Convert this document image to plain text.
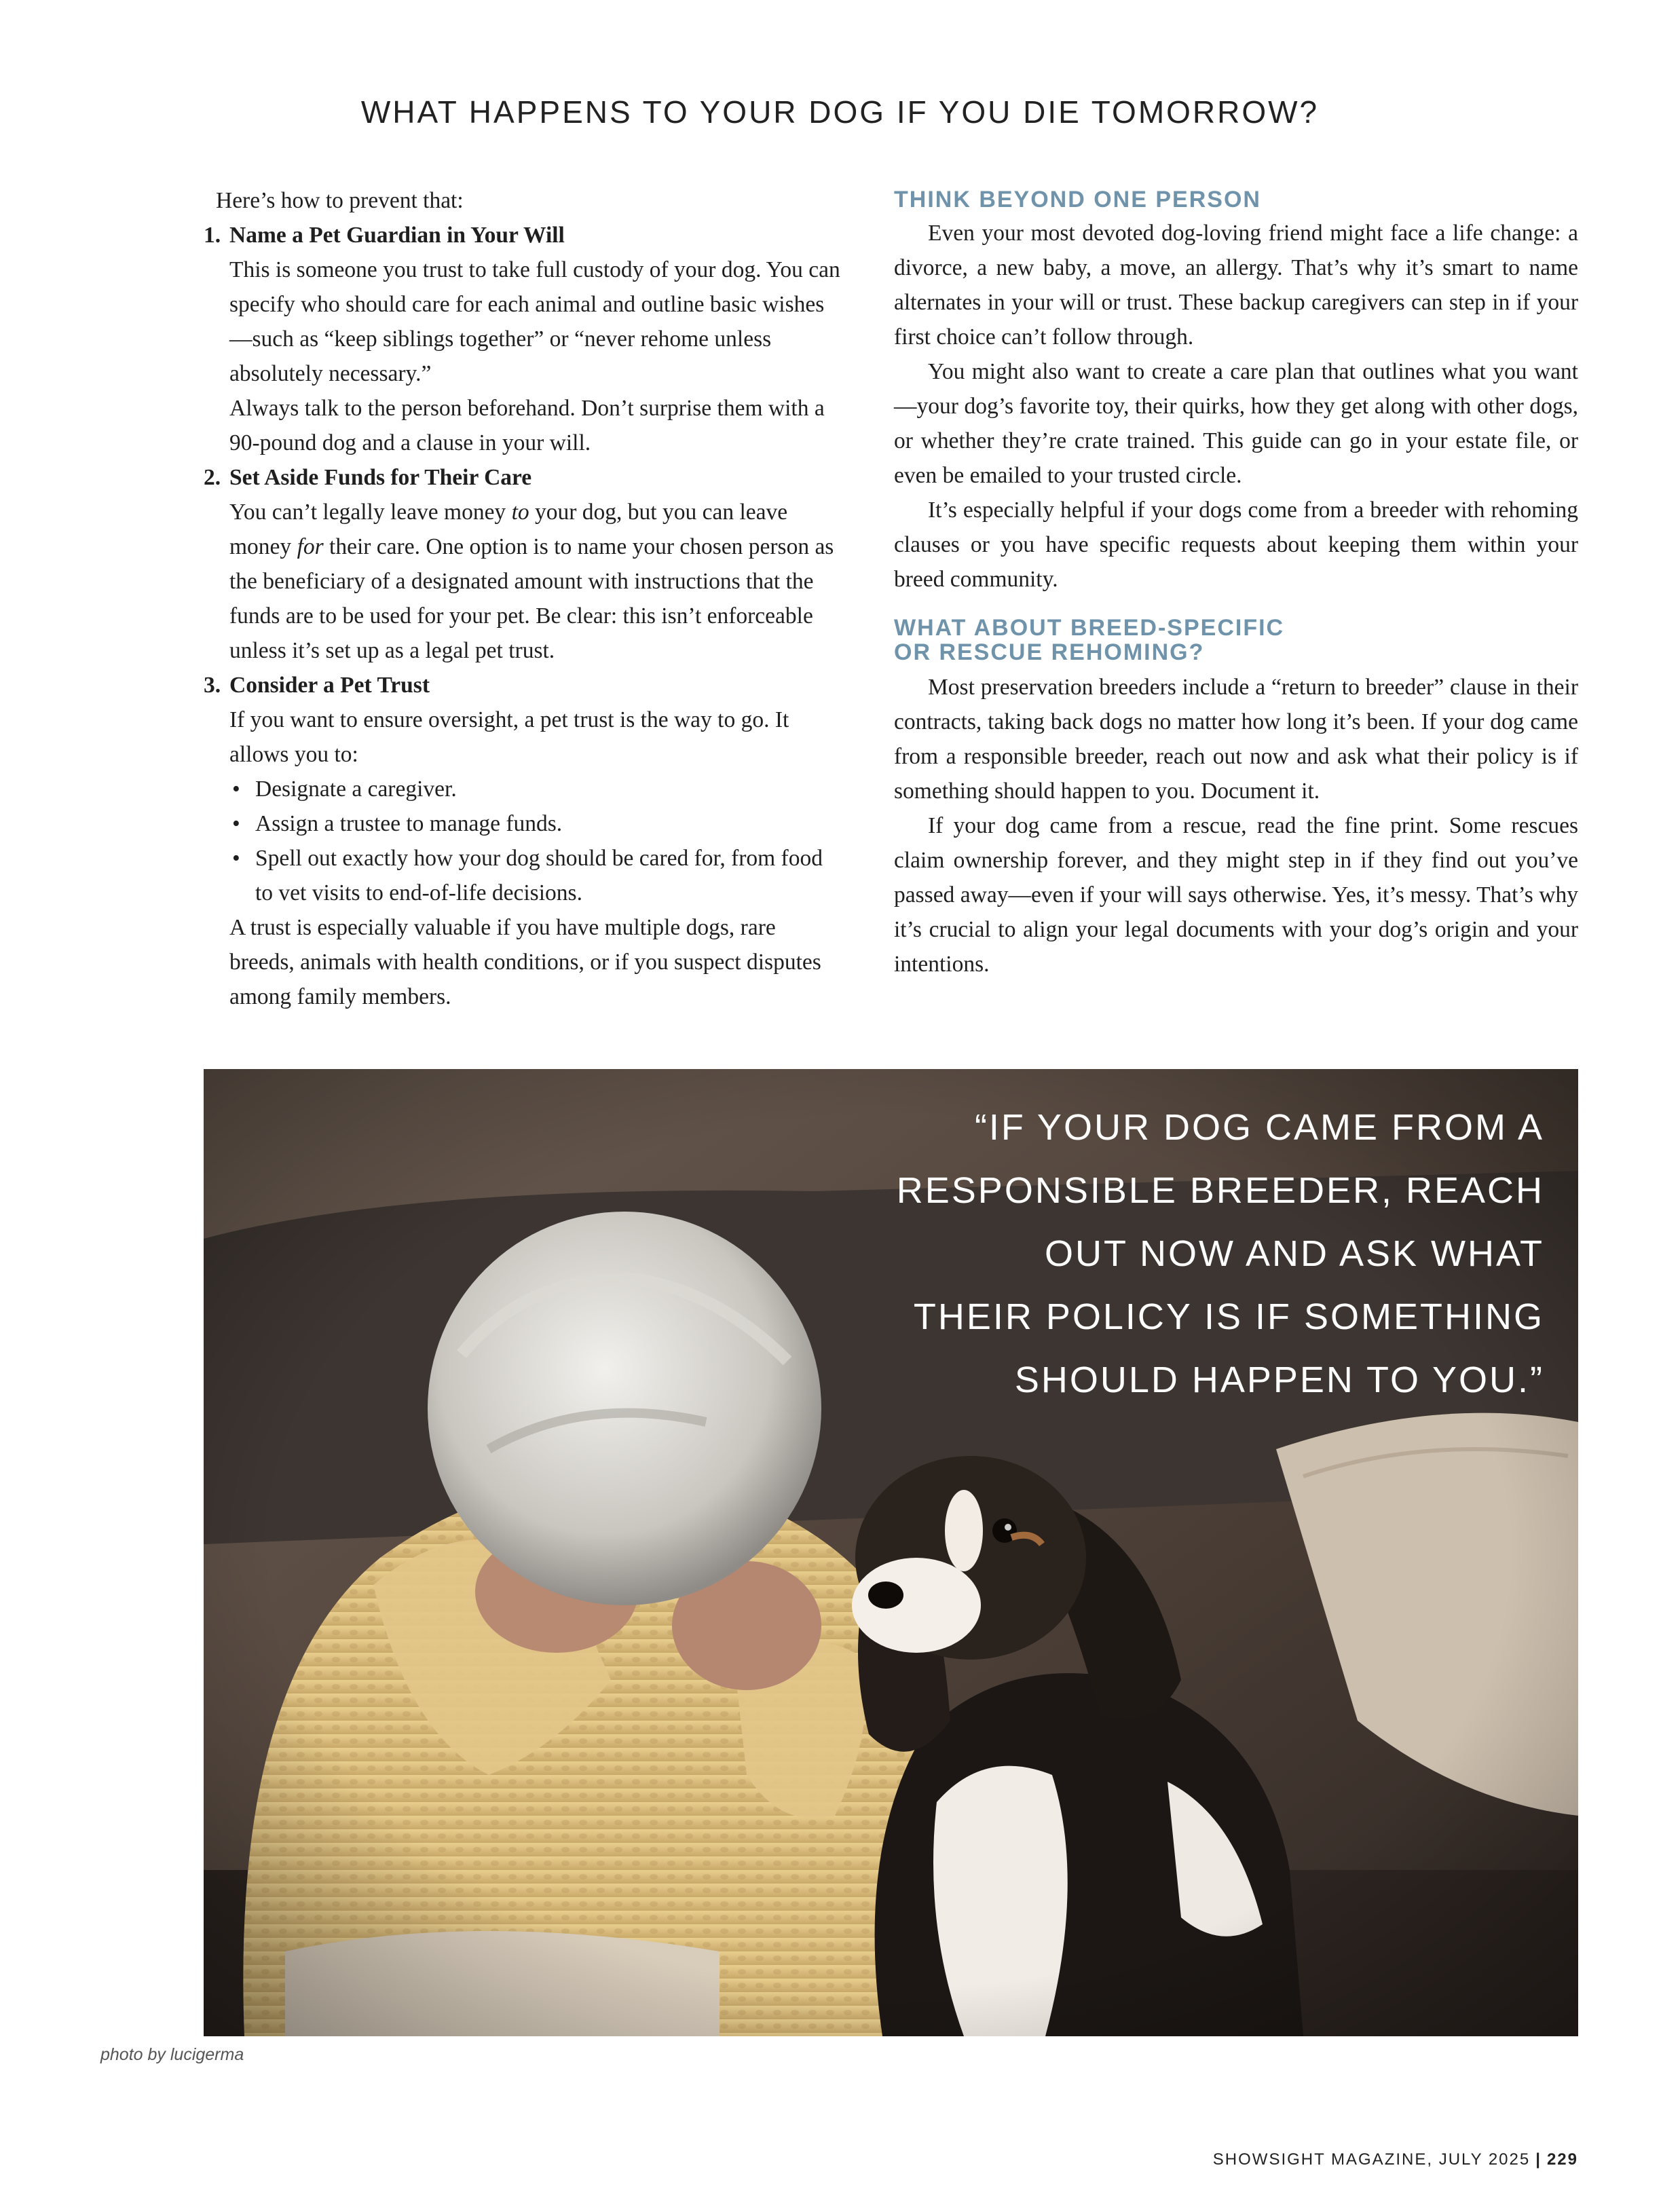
WHAT HAPPENS TO YOUR DOG IF YOU DIE TOMORROW?

Here’s how to prevent that:

1. Name a Pet Guardian in Your Will

This is someone you trust to take full custody of your dog. You can specify who should care for each animal and outline basic wishes—such as “keep siblings together” or “never rehome unless absolutely necessary.”

Always talk to the person beforehand. Don’t surprise them with a 90-pound dog and a clause in your will.

2. Set Aside Funds for Their Care

You can’t legally leave money to your dog, but you can leave money for their care. One option is to name your chosen person as the beneficiary of a designated amount with instructions that the funds are to be used for your pet. Be clear: this isn’t enforceable unless it’s set up as a legal pet trust.

3. Consider a Pet Trust

If you want to ensure oversight, a pet trust is the way to go. It allows you to:

• Designate a caregiver.
• Assign a trustee to manage funds.
• Spell out exactly how your dog should be cared for, from food to vet visits to end-of-life decisions.

A trust is especially valuable if you have multiple dogs, rare breeds, animals with health conditions, or if you suspect disputes among family members.

THINK BEYOND ONE PERSON

Even your most devoted dog-loving friend might face a life change: a divorce, a new baby, a move, an allergy. That’s why it’s smart to name alternates in your will or trust. These backup caregivers can step in if your first choice can’t follow through.

You might also want to create a care plan that outlines what you want—your dog’s favorite toy, their quirks, how they get along with other dogs, or whether they’re crate trained. This guide can go in your estate file, or even be emailed to your trusted circle.

It’s especially helpful if your dogs come from a breeder with rehoming clauses or you have specific requests about keeping them within your breed community.

WHAT ABOUT BREED-SPECIFIC
OR RESCUE REHOMING?

Most preservation breeders include a “return to breeder” clause in their contracts, taking back dogs no matter how long it’s been. If your dog came from a responsible breeder, reach out now and ask what their policy is if something should happen to you. Document it.

If your dog came from a rescue, read the fine print. Some rescues claim ownership forever, and they might step in if they find out you’ve passed away—even if your will says otherwise. Yes, it’s messy. That’s why it’s crucial to align your legal documents with your dog’s origin and your intentions.

“IF YOUR DOG CAME FROM A
RESPONSIBLE BREEDER, REACH
OUT NOW AND ASK WHAT
THEIR POLICY IS IF SOMETHING
SHOULD HAPPEN TO YOU.”
photo by lucigerma
SHOWSIGHT MAGAZINE, JULY 2025 | 229
